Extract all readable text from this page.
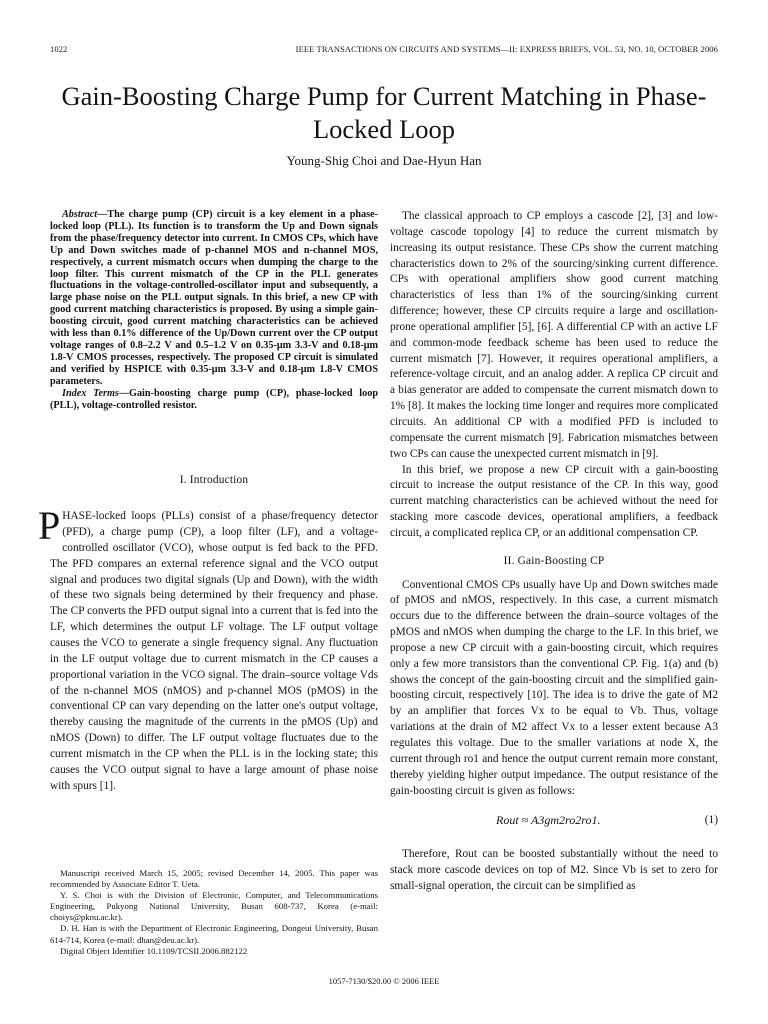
1022	IEEE TRANSACTIONS ON CIRCUITS AND SYSTEMS—II: EXPRESS BRIEFS, VOL. 53, NO. 10, OCTOBER 2006
Gain-Boosting Charge Pump for Current Matching in Phase-Locked Loop
Young-Shig Choi and Dae-Hyun Han

Abstract—The charge pump (CP) circuit is a key element in a phase-locked loop (PLL). Its function is to transform the Up and Down signals from the phase/frequency detector into current. In CMOS CPs, which have Up and Down switches made of p-channel MOS and n-channel MOS, respectively, a current mismatch occurs when dumping the charge to the loop filter. This current mismatch of the CP in the PLL generates fluctuations in the voltage-controlled-oscillator input and subsequently, a large phase noise on the PLL output signals. In this brief, a new CP with good current matching characteristics is proposed. By using a simple gain-boosting circuit, good current matching characteristics can be achieved with less than 0.1% difference of the Up/Down current over the CP output voltage ranges of 0.8–2.2 V and 0.5–1.2 V on 0.35-μm 3.3-V and 0.18-μm 1.8-V CMOS processes, respectively. The proposed CP circuit is simulated and verified by HSPICE with 0.35-μm 3.3-V and 0.18-μm 1.8-V CMOS parameters.

Index Terms—Gain-boosting charge pump (CP), phase-locked loop (PLL), voltage-controlled resistor.

I. Introduction

PHASE-locked loops (PLLs) consist of a phase/frequency detector (PFD), a charge pump (CP), a loop filter (LF), and a voltage-controlled oscillator (VCO), whose output is fed back to the PFD. The PFD compares an external reference signal and the VCO output signal and produces two digital signals (Up and Down), with the width of these two signals being determined by their frequency and phase. The CP converts the PFD output signal into a current that is fed into the LF, which determines the output LF voltage. The LF output voltage causes the VCO to generate a single frequency signal. Any fluctuation in the LF output voltage due to current mismatch in the CP causes a proportional variation in the VCO signal. The drain–source voltage Vds of the n-channel MOS (nMOS) and p-channel MOS (pMOS) in the conventional CP can vary depending on the latter one's output voltage, thereby causing the magnitude of the currents in the pMOS (Up) and nMOS (Down) to differ. The LF output voltage fluctuates due to the current mismatch in the CP when the PLL is in the locking state; this causes the VCO output signal to have a large amount of phase noise with spurs [1].

Manuscript received March 15, 2005; revised December 14, 2005. This paper was recommended by Associate Editor T. Ueta.

Y. S. Choi is with the Division of Electronic, Computer, and Telecommunications Engineering, Pukyong National University, Busan 608-737, Korea (e-mail: choiys@pknu.ac.kr).

D. H. Han is with the Department of Electronic Engineering, Dongeui University, Busan 614-714, Korea (e-mail: dhan@deu.ac.kr).

Digital Object Identifier 10.1109/TCSII.2006.882122

The classical approach to CP employs a cascode [2], [3] and low-voltage cascode topology [4] to reduce the current mismatch by increasing its output resistance. These CPs show the current matching characteristics down to 2% of the sourcing/sinking current difference. CPs with operational amplifiers show good current matching characteristics of less than 1% of the sourcing/sinking current difference; however, these CP circuits require a large and oscillation-prone operational amplifier [5], [6]. A differential CP with an active LF and common-mode feedback scheme has been used to reduce the current mismatch [7]. However, it requires operational amplifiers, a reference-voltage circuit, and an analog adder. A replica CP circuit and a bias generator are added to compensate the current mismatch down to 1% [8]. It makes the locking time longer and requires more complicated circuits. An additional CP with a modified PFD is included to compensate the current mismatch [9]. Fabrication mismatches between two CPs can cause the unexpected current mismatch in [9].

In this brief, we propose a new CP circuit with a gain-boosting circuit to increase the output resistance of the CP. In this way, good current matching characteristics can be achieved without the need for stacking more cascode devices, operational amplifiers, a feedback circuit, a complicated replica CP, or an additional compensation CP.

II. Gain-Boosting CP

Conventional CMOS CPs usually have Up and Down switches made of pMOS and nMOS, respectively. In this case, a current mismatch occurs due to the difference between the drain–source voltages of the pMOS and nMOS when dumping the charge to the LF. In this brief, we propose a new CP circuit with a gain-boosting circuit, which requires only a few more transistors than the conventional CP. Fig. 1(a) and (b) shows the concept of the gain-boosting circuit and the simplified gain-boosting circuit, respectively [10]. The idea is to drive the gate of M2 by an amplifier that forces Vx to be equal to Vb. Thus, voltage variations at the drain of M2 affect Vx to a lesser extent because A3 regulates this voltage. Due to the smaller variations at node X, the current through ro1 and hence the output current remain more constant, thereby yielding higher output impedance. The output resistance of the gain-boosting circuit is given as follows:

Rout ≈ A3gm2ro2ro1.	(1)

Therefore, Rout can be boosted substantially without the need to stack more cascode devices on top of M2. Since Vb is set to zero for small-signal operation, the circuit can be simplified as

1057-7130/$20.00 © 2006 IEEE
